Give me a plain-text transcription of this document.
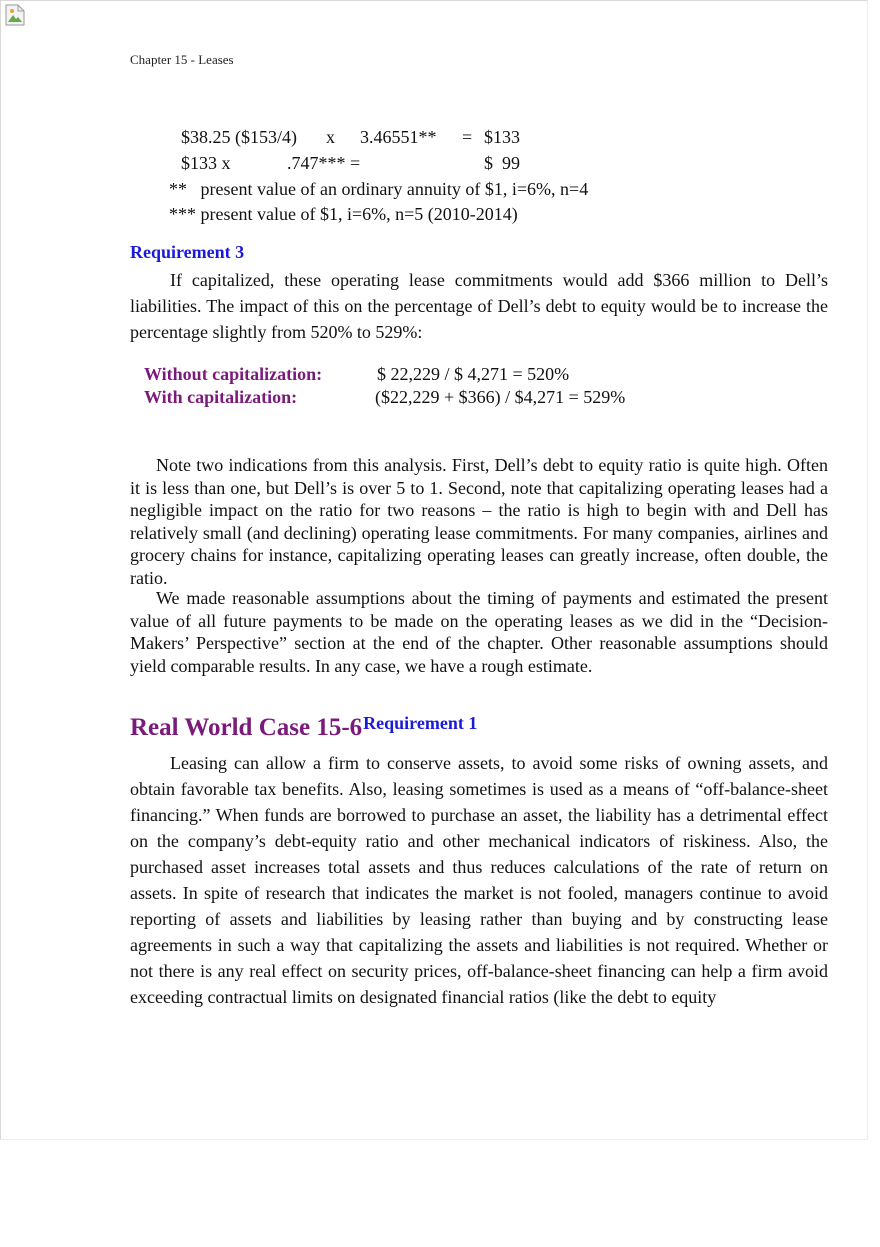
Chapter 15 - Leases
$38.25 ($153/4) x 3.46551** = $133
$133 x	.747*** =	$  99
**   present value of an ordinary annuity of $1, i=6%, n=4
*** present value of $1, i=6%, n=5 (2010-2014)
Requirement 3
If capitalized, these operating lease commitments would add $366 million to Dell’s liabilities. The impact of this on the percentage of Dell’s debt to equity would be to increase the percentage slightly from 520% to 529%:
Without capitalization:	$ 22,229 / $ 4,271 = 520%
With capitalization:	($22,229 + $366) / $4,271 = 529%
Note two indications from this analysis. First, Dell’s debt to equity ratio is quite high. Often it is less than one, but Dell’s is over 5 to 1. Second, note that capitalizing operating leases had a negligible impact on the ratio for two reasons – the ratio is high to begin with and Dell has relatively small (and declining) operating lease commitments. For many companies, airlines and grocery chains for instance, capitalizing operating leases can greatly increase, often double, the ratio.
We made reasonable assumptions about the timing of payments and estimated the present value of all future payments to be made on the operating leases as we did in the “Decision-Makers’ Perspective” section at the end of the chapter. Other reasonable assumptions should yield comparable results. In any case, we have a rough estimate.
Real World Case $15-6^{Requirement 1}$
Leasing can allow a firm to conserve assets, to avoid some risks of owning assets, and obtain favorable tax benefits. Also, leasing sometimes is used as a means of “off-balance-sheet financing.” When funds are borrowed to purchase an asset, the liability has a detrimental effect on the company’s debt-equity ratio and other mechanical indicators of riskiness. Also, the purchased asset increases total assets and thus reduces calculations of the rate of return on assets. In spite of research that indicates the market is not fooled, managers continue to avoid reporting of assets and liabilities by leasing rather than buying and by constructing lease agreements in such a way that capitalizing the assets and liabilities is not required. Whether or not there is any real effect on security prices, off-balance-sheet financing can help a firm avoid exceeding contractual limits on designated financial ratios (like the debt to equity
